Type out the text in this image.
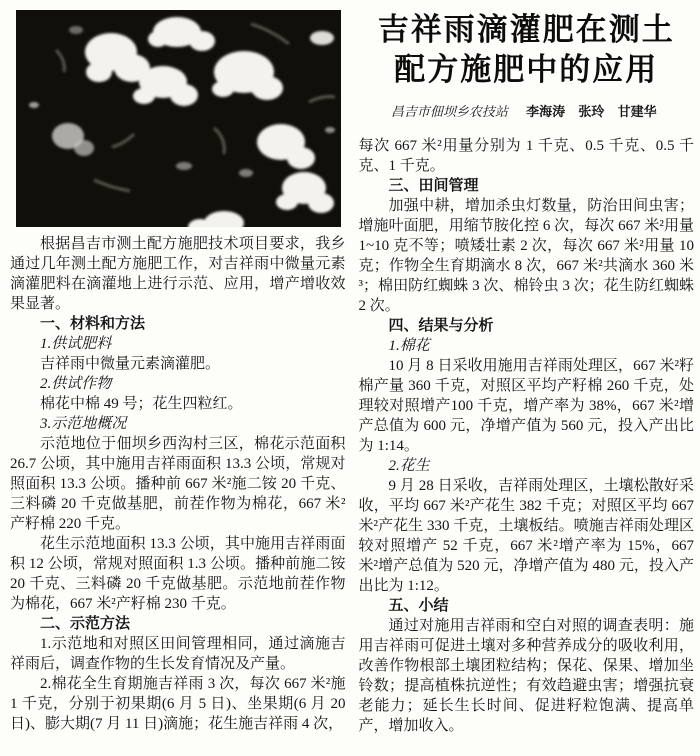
根据昌吉市测土配方施肥技术项目要求，我乡通过几年测土配方施肥工作，对吉祥雨中微量元素滴灌肥料在滴灌地上进行示范、应用，增产增收效果显著。

一、材料和方法
1.供试肥料

吉祥雨中微量元素滴灌肥。

2.供试作物

棉花中棉 49 号；花生四粒红。

3.示范地概况

示范地位于佃坝乡西沟村三区，棉花示范面积 26.7 公顷，其中施用吉祥雨面积 13.3 公顷，常规对照面积 13.3 公顷。播种前 667 米²施二铵 20 千克、三料磷 20 千克做基肥，前茬作物为棉花，667 米²产籽棉 220 千克。

花生示范地面积 13.3 公顷，其中施用吉祥雨面积 12 公顷，常规对照面积 1.3 公顷。播种前施二铵 20 千克、三料磷 20 千克做基肥。示范地前茬作物为棉花，667 米²产籽棉 230 千克。

二、示范方法

1.示范地和对照区田间管理相同，通过滴施吉祥雨后，调查作物的生长发育情况及产量。

2.棉花全生育期施吉祥雨 3 次，每次 667 米²施 1 千克，分别于初果期(6 月 5 日)、坐果期(6 月 20 日)、膨大期(7 月 11 日)滴施；花生施吉祥雨 4 次，

吉祥雨滴灌肥在测土
配方施肥中的应用
昌吉市佃坝乡农技站 李海涛 张玲 甘建华

每次 667 米²用量分别为 1 千克、0.5 千克、0.5 千克、1 千克。

三、田间管理

加强中耕，增加杀虫灯数量，防治田间虫害；增施叶面肥，用缩节胺化控 6 次，每次 667 米²用量 1~10 克不等；喷矮壮素 2 次，每次 667 米²用量 10 克；作物全生育期滴水 8 次，667 米²共滴水 360 米³；棉田防红蜘蛛 3 次、棉铃虫 3 次；花生防红蜘蛛 2 次。

四、结果与分析
1.棉花

10 月 8 日采收用施用吉祥雨处理区，667 米²籽棉产量 360 千克，对照区平均产籽棉 260 千克，处理较对照增产100 千克，增产率为 38%，667 米²增产总值为 600 元，净增产值为 560 元，投入产出比为 1:14。

2.花生

9 月 28 日采收，吉祥雨处理区，土壤松散好采收，平均 667 米²产花生 382 千克；对照区平均 667 米²产花生 330 千克，土壤板结。喷施吉祥雨处理区较对照增产 52 千克，667 米²增产率为 15%，667 米²增产总值为 520 元，净增产值为 480 元，投入产出比为 1:12。

五、小结

通过对施用吉祥雨和空白对照的调查表明：施用吉祥雨可促进土壤对多种营养成分的吸收利用，改善作物根部土壤团粒结构；保花、保果、增加坐铃数；提高植株抗逆性；有效趋避虫害；增强抗衰老能力；延长生长时间、促进籽粒饱满、提高单产，增加收入。
